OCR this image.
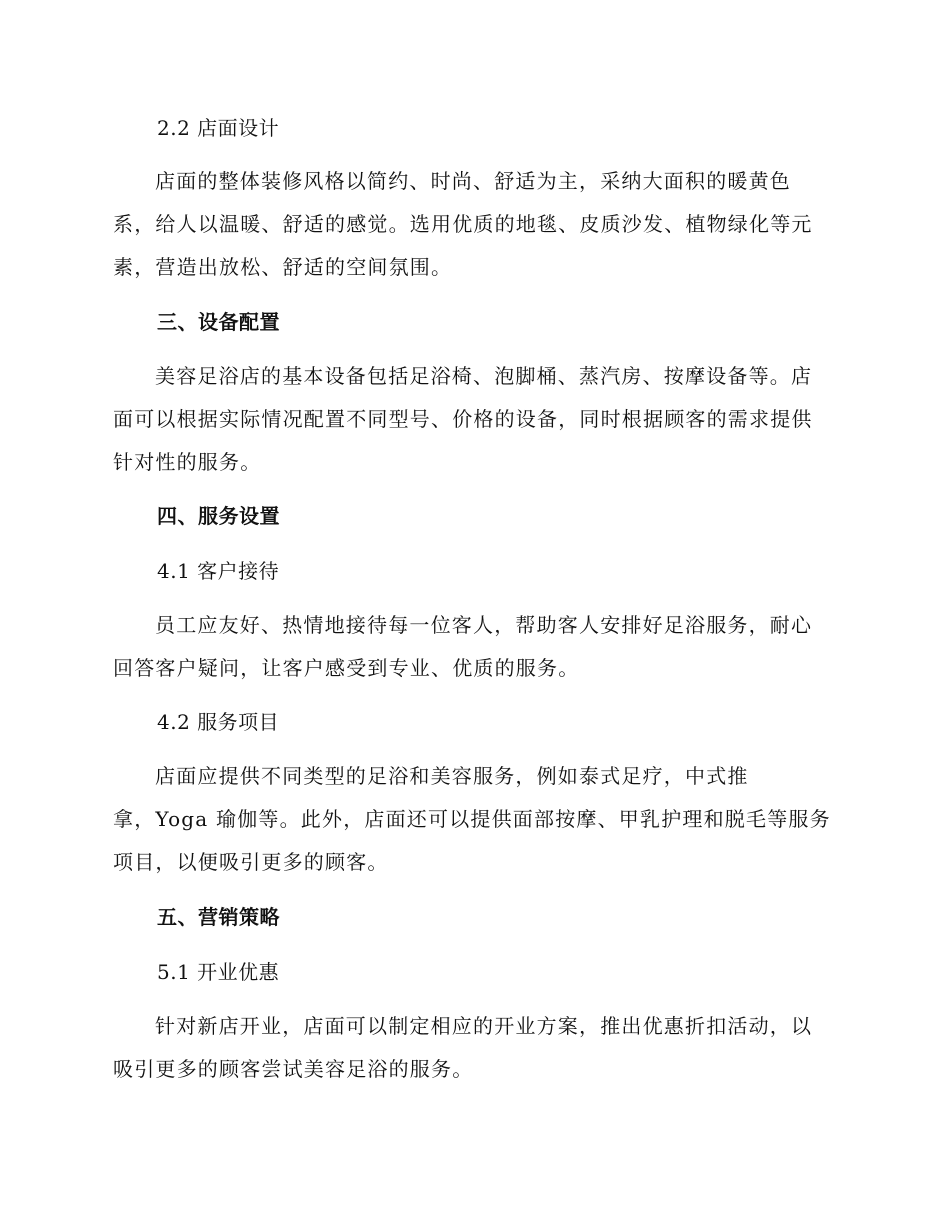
2.2 店面设计

店面的整体装修风格以简约、时尚、舒适为主，采纳大面积的暖黄色
系，给人以温暖、舒适的感觉。选用优质的地毯、皮质沙发、植物绿化等元
素，营造出放松、舒适的空间氛围。

三、设备配置

美容足浴店的基本设备包括足浴椅、泡脚桶、蒸汽房、按摩设备等。店
面可以根据实际情况配置不同型号、价格的设备，同时根据顾客的需求提供
针对性的服务。

四、服务设置
4.1 客户接待

员工应友好、热情地接待每一位客人，帮助客人安排好足浴服务，耐心
回答客户疑问，让客户感受到专业、优质的服务。

4.2 服务项目

店面应提供不同类型的足浴和美容服务，例如泰式足疗，中式推
拿，Yoga 瑜伽等。此外，店面还可以提供面部按摩、甲乳护理和脱毛等服务
项目，以便吸引更多的顾客。

五、营销策略
5.1 开业优惠

针对新店开业，店面可以制定相应的开业方案，推出优惠折扣活动，以
吸引更多的顾客尝试美容足浴的服务。
